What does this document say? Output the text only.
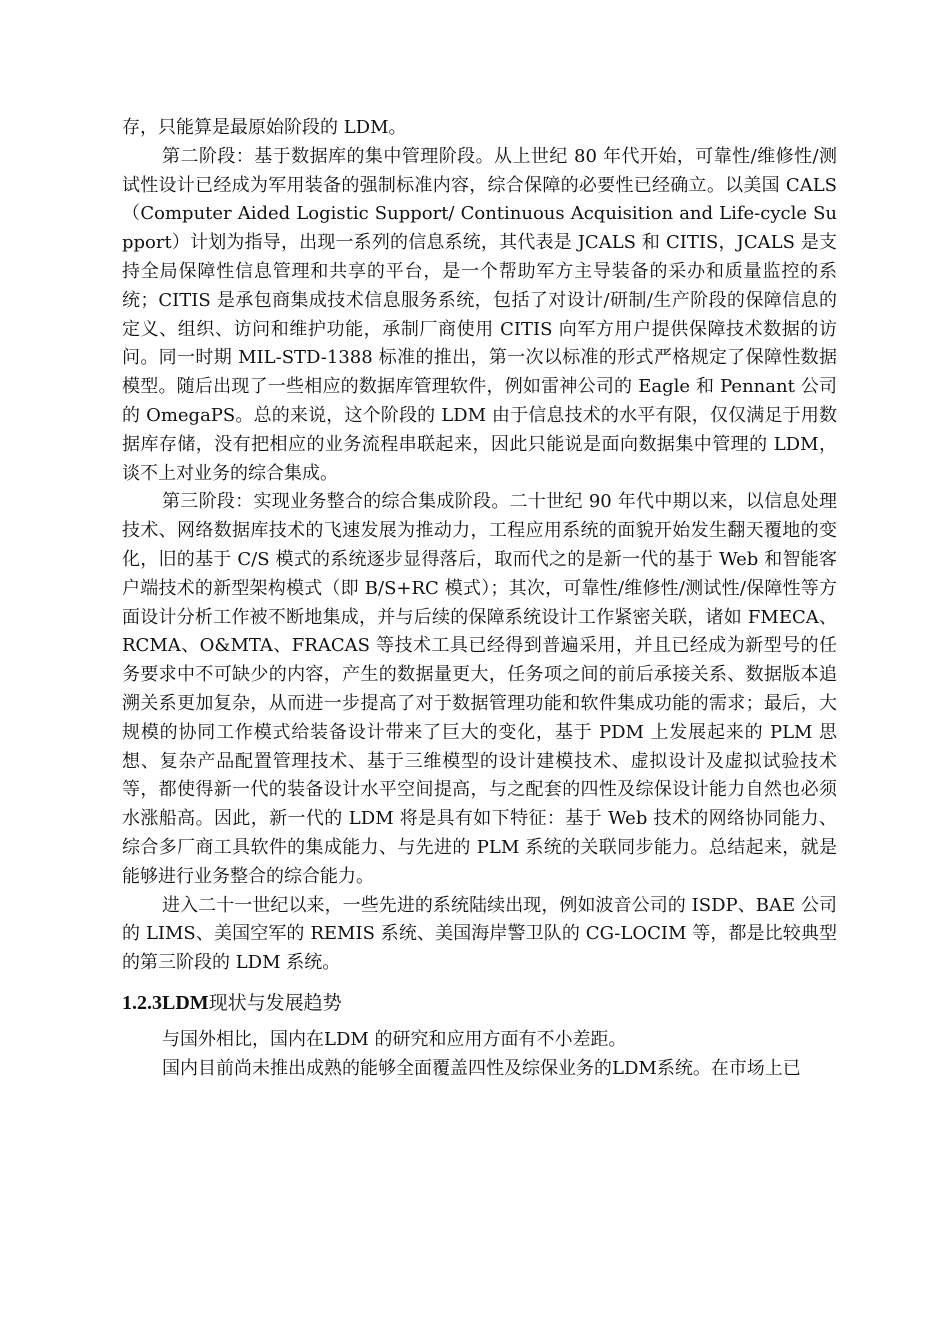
存，只能算是最原始阶段的 LDM。

第二阶段：基于数据库的集中管理阶段。从上世纪 80 年代开始，可靠性/维修性/测试性设计已经成为军用装备的强制标准内容，综合保障的必要性已经确立。以美国 CALS（Computer Aided Logistic Support/ Continuous Acquisition and Life-cycle Support）计划为指导，出现一系列的信息系统，其代表是 JCALS 和 CITIS，JCALS 是支持全局保障性信息管理和共享的平台，是一个帮助军方主导装备的采办和质量监控的系统；CITIS 是承包商集成技术信息服务系统，包括了对设计/研制/生产阶段的保障信息的定义、组织、访问和维护功能，承制厂商使用 CITIS 向军方用户提供保障技术数据的访问。同一时期 MIL-STD-1388 标准的推出，第一次以标准的形式严格规定了保障性数据模型。随后出现了一些相应的数据库管理软件，例如雷神公司的 Eagle 和 Pennant 公司的 OmegaPS。总的来说，这个阶段的 LDM 由于信息技术的水平有限，仅仅满足于用数据库存储，没有把相应的业务流程串联起来，因此只能说是面向数据集中管理的 LDM，谈不上对业务的综合集成。

第三阶段：实现业务整合的综合集成阶段。二十世纪 90 年代中期以来，以信息处理技术、网络数据库技术的飞速发展为推动力，工程应用系统的面貌开始发生翻天覆地的变化，旧的基于 C/S 模式的系统逐步显得落后，取而代之的是新一代的基于 Web 和智能客户端技术的新型架构模式（即 B/S+RC 模式）；其次，可靠性/维修性/测试性/保障性等方面设计分析工作被不断地集成，并与后续的保障系统设计工作紧密关联，诸如 FMECA、RCMA、O&MTA、FRACAS 等技术工具已经得到普遍采用，并且已经成为新型号的任务要求中不可缺少的内容，产生的数据量更大，任务项之间的前后承接关系、数据版本追溯关系更加复杂，从而进一步提高了对于数据管理功能和软件集成功能的需求；最后，大规模的协同工作模式给装备设计带来了巨大的变化，基于 PDM 上发展起来的 PLM 思想、复杂产品配置管理技术、基于三维模型的设计建模技术、虚拟设计及虚拟试验技术等，都使得新一代的装备设计水平空间提高，与之配套的四性及综保设计能力自然也必须水涨船高。因此，新一代的 LDM 将是具有如下特征：基于 Web 技术的网络协同能力、综合多厂商工具软件的集成能力、与先进的 PLM 系统的关联同步能力。总结起来，就是能够进行业务整合的综合能力。

进入二十一世纪以来，一些先进的系统陆续出现，例如波音公司的 ISDP、BAE 公司的 LIMS、美国空军的 REMIS 系统、美国海岸警卫队的 CG-LOCIM 等，都是比较典型的第三阶段的 LDM 系统。

1.2.3LDM现状与发展趋势

与国外相比，国内在LDM 的研究和应用方面有不小差距。

国内目前尚未推出成熟的能够全面覆盖四性及综保业务的LDM系统。在市场上已
